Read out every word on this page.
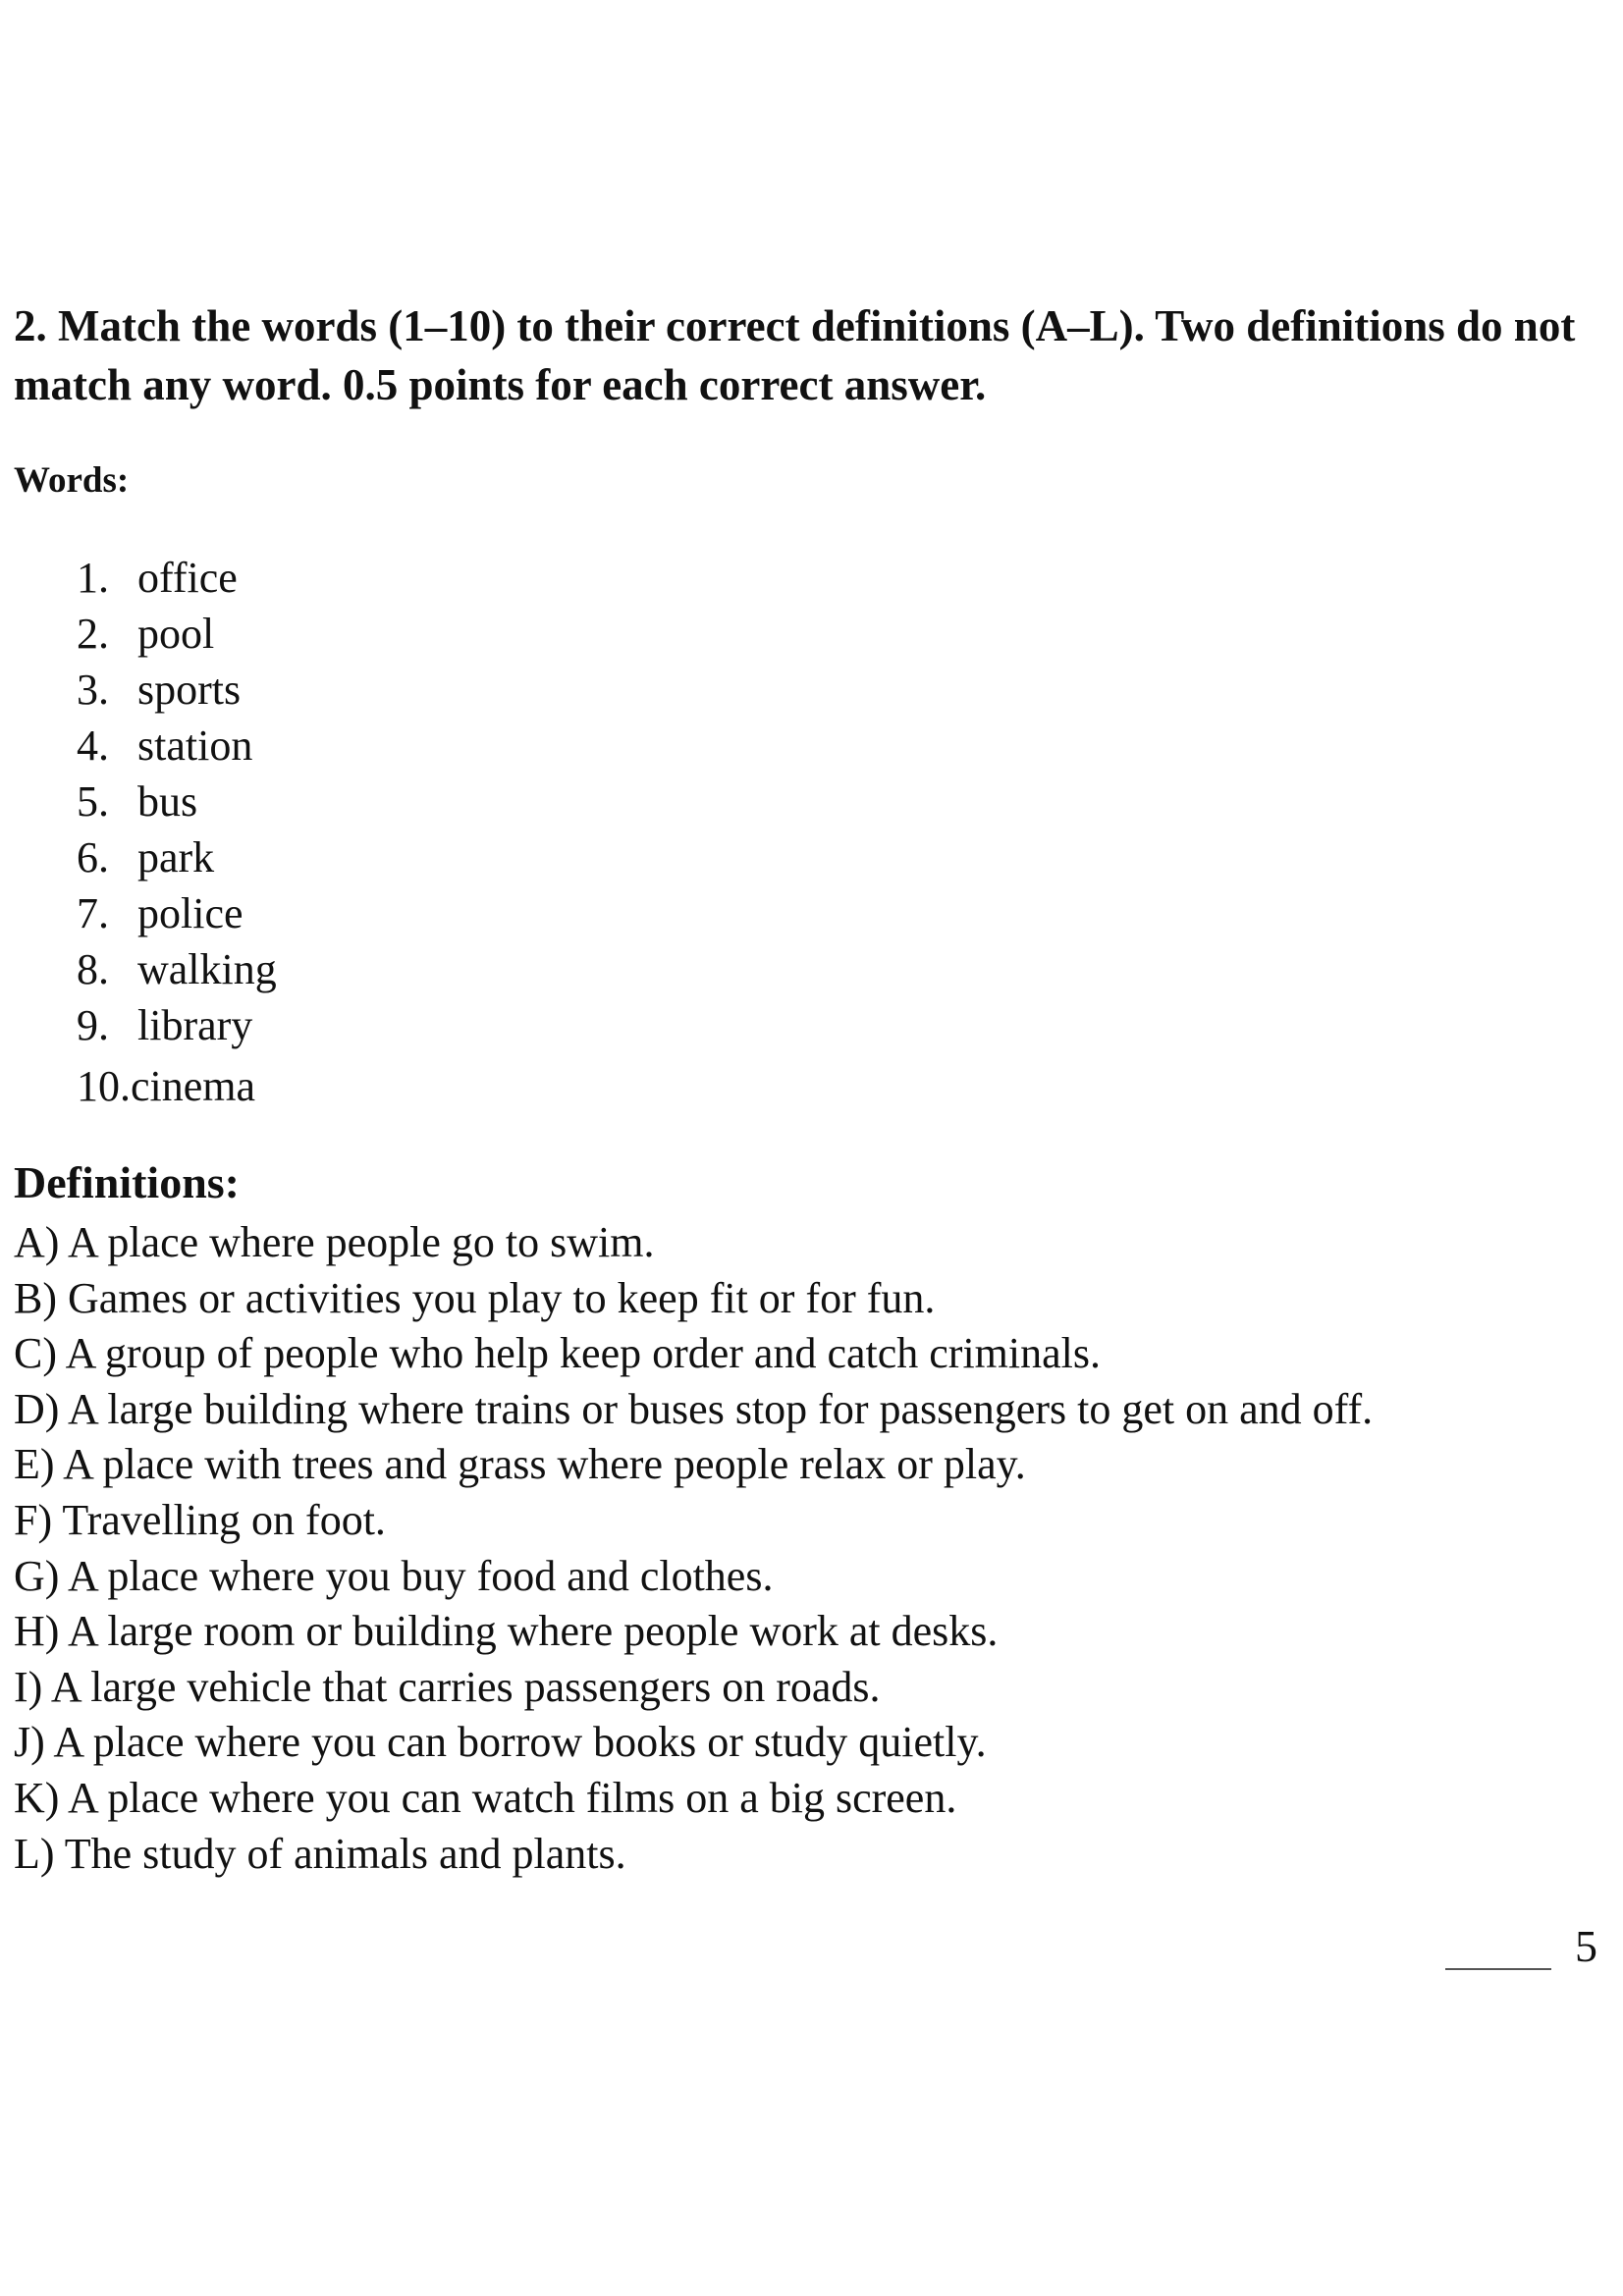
2. Match the words (1–10) to their correct definitions (A–L). Two definitions do not match any word. 0.5 points for each correct answer.

Words:

1. office
2. pool
3. sports
4. station
5. bus
6. park
7. police
8. walking
9. library
10.cinema

Definitions:

A) A place where people go to swim.
B) Games or activities you play to keep fit or for fun.
C) A group of people who help keep order and catch criminals.
D) A large building where trains or buses stop for passengers to get on and off.
E) A place with trees and grass where people relax or play.
F) Travelling on foot.
G) A place where you buy food and clothes.
H) A large room or building where people work at desks.
I) A large vehicle that carries passengers on roads.
J) A place where you can borrow books or study quietly.
K) A place where you can watch films on a big screen.
L) The study of animals and plants.
5
